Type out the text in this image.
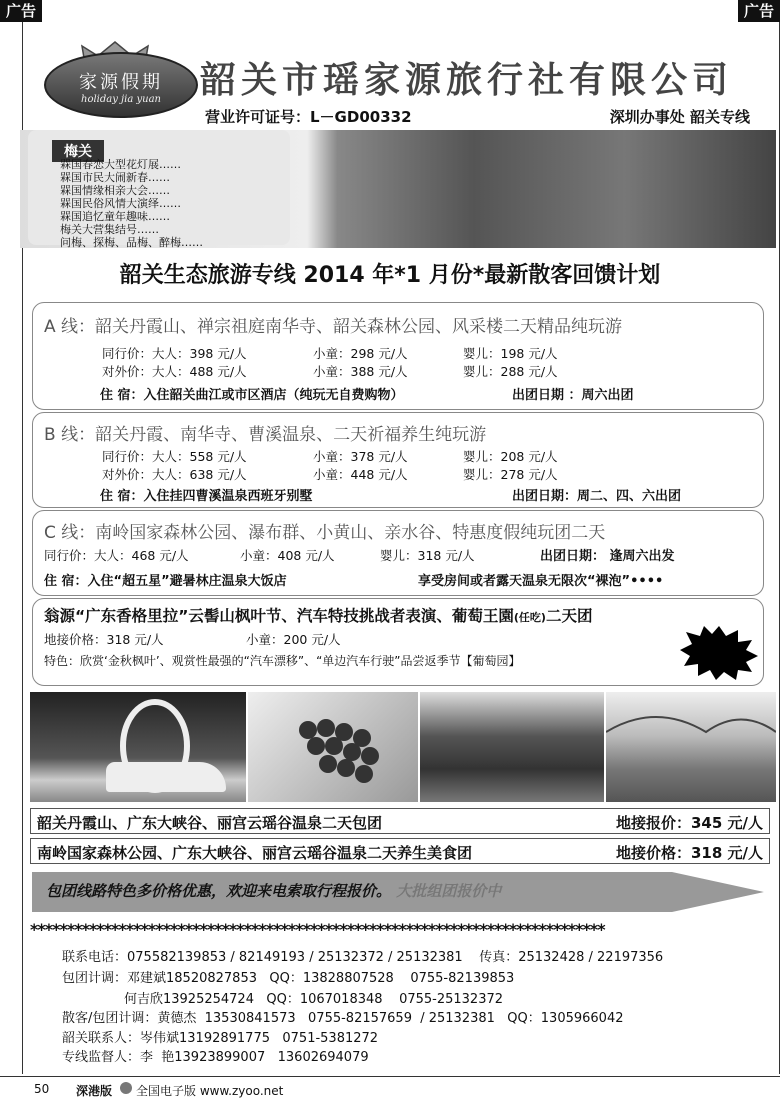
广告	广告
家源假期
holiday jia yuan	韶关市瑶家源旅行社有限公司
营业许可证号：L－GD00332	深圳办事处 韶关专线
梅关
槑国春恋大型花灯展……
槑国市民大闹新春……
槑国情缘相亲大会……
槑国民俗风情大演绎……
槑国追忆童年趣味……
梅关大营集结号……
问梅、探梅、品梅、醉梅……
韶关生态旅游专线 2014 年*1 月份*最新散客回馈计划
A 线：韶关丹霞山、禅宗祖庭南华寺、韶关森林公园、风采楼二天精品纯玩游
同行价：大人：398 元/人	小童：298 元/人	婴儿：198 元/人
对外价：大人：488 元/人	小童：388 元/人	婴儿：288 元/人
住 宿：入住韶关曲江或市区酒店（纯玩无自费购物）	出团日期 ：周六出团
B 线：韶关丹霞、南华寺、曹溪温泉、二天祈福养生纯玩游
同行价：大人：558 元/人	小童：378 元/人	婴儿：208 元/人
对外价：大人：638 元/人	小童：448 元/人	婴儿：278 元/人
住 宿：入住挂四曹溪温泉西班牙别墅	出团日期：周二、四、六出团
C 线：南岭国家森林公园、瀑布群、小黄山、亲水谷、特惠度假纯玩团二天
同行价：大人：468 元/人	小童：408 元/人	婴儿：318 元/人	出团日期： 逢周六出发
住 宿：入住“超五星”避暑林庄温泉大饭店	享受房间或者露天温泉无限次“裸泡”••••
翁源“广东香格里拉”云髻山枫叶节、汽车特技挑战者表演、葡萄王園(任吃)二天团
地接价格：318 元/人	小童：200 元/人
特色：欣赏‘金秋枫叶’、观赏性最强的“汽车漂移”、“单边汽车行驶”品尝返季节【葡萄园】
韶关丹霞山、广东大峡谷、丽宫云瑶谷温泉二天包团	地接报价：345 元/人
南岭国家森林公园、广东大峡谷、丽宫云瑶谷温泉二天养生美食团	地接价格：318 元/人
包团线路特色多价格优惠，欢迎来电索取行程报价。 大批组团报价中
******************************************************************************
联系电话：075582139853 / 82149193 / 25132372 / 25132381    传真：25132428 / 22197356
包团计调：邓建斌18520827853   QQ：13828807528    0755-82139853
何吉欣13925254724   QQ：1067018348    0755-25132372
散客/包团计调：黄德杰  13530841573   0755-82157659  / 25132381   QQ：1305966042
韶关联系人：岑伟斌13192891775   0751-5381272
专线监督人：李  艳13923899007   13602694079
50 深港版 全国电子版 www.zyoo.net
